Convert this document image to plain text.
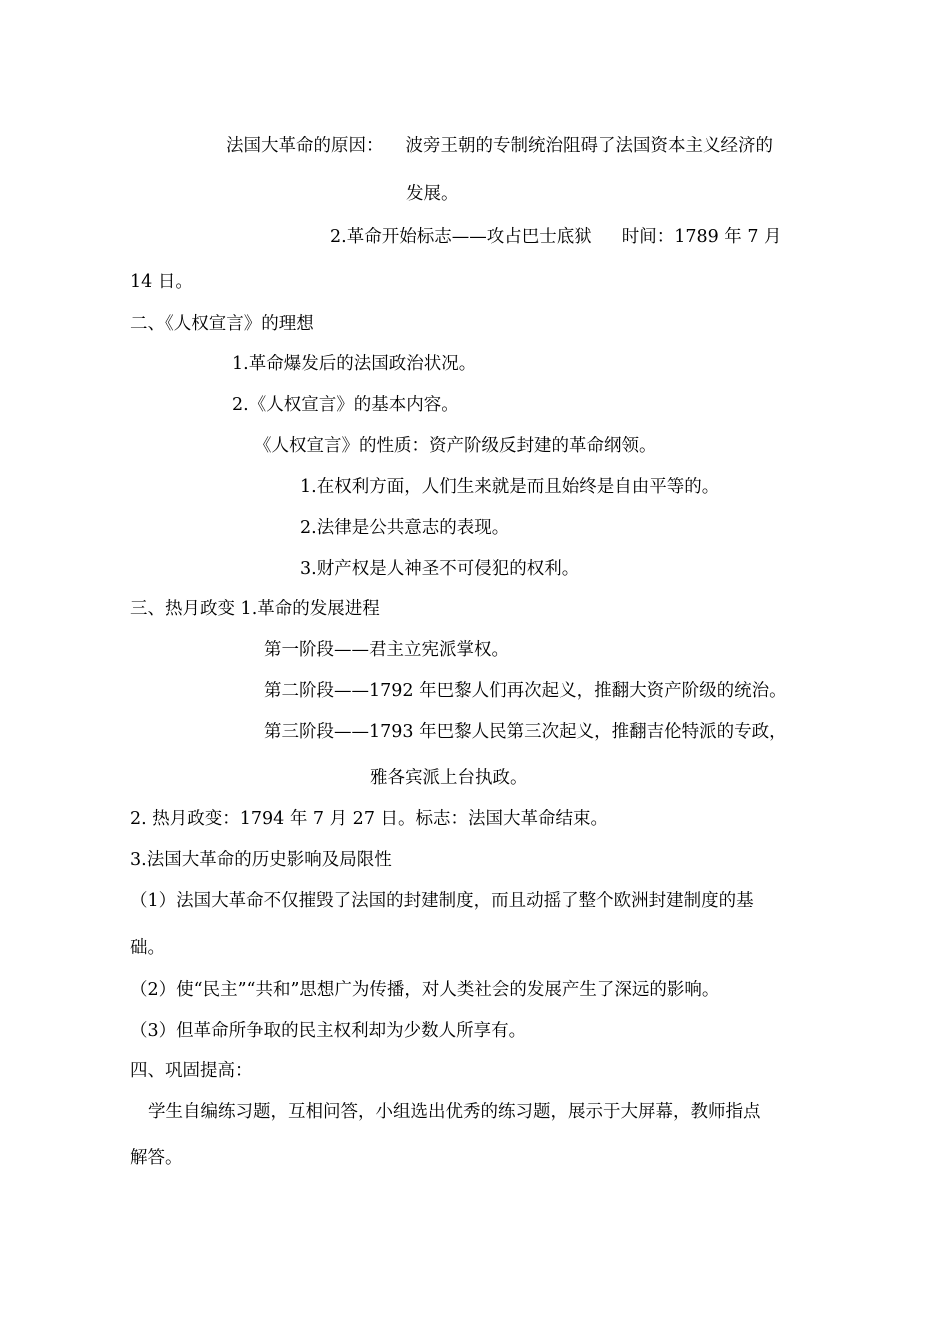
法国大革命的原因： 波旁王朝的专制统治阻碍了法国资本主义经济的
发展。
2.革命开始标志——攻占巴士底狱 时间：1789 年 7 月
14 日。
二、《人权宣言》的理想
1.革命爆发后的法国政治状况。
2.《人权宣言》的基本内容。
《人权宣言》的性质：资产阶级反封建的革命纲领。
1.在权利方面，人们生来就是而且始终是自由平等的。
2.法律是公共意志的表现。
3.财产权是人神圣不可侵犯的权利。
三、热月政变 1.革命的发展进程
第一阶段——君主立宪派掌权。
第二阶段——1792 年巴黎人们再次起义，推翻大资产阶级的统治。
第三阶段——1793 年巴黎人民第三次起义，推翻吉伦特派的专政，
雅各宾派上台执政。
2. 热月政变：1794 年 7 月 27 日。标志：法国大革命结束。
3.法国大革命的历史影响及局限性
（1）法国大革命不仅摧毁了法国的封建制度，而且动摇了整个欧洲封建制度的基
础。
（2）使“民主”“共和”思想广为传播，对人类社会的发展产生了深远的影响。
（3）但革命所争取的民主权利却为少数人所享有。
四、巩固提高：
学生自编练习题，互相问答，小组选出优秀的练习题，展示于大屏幕，教师指点
解答。
